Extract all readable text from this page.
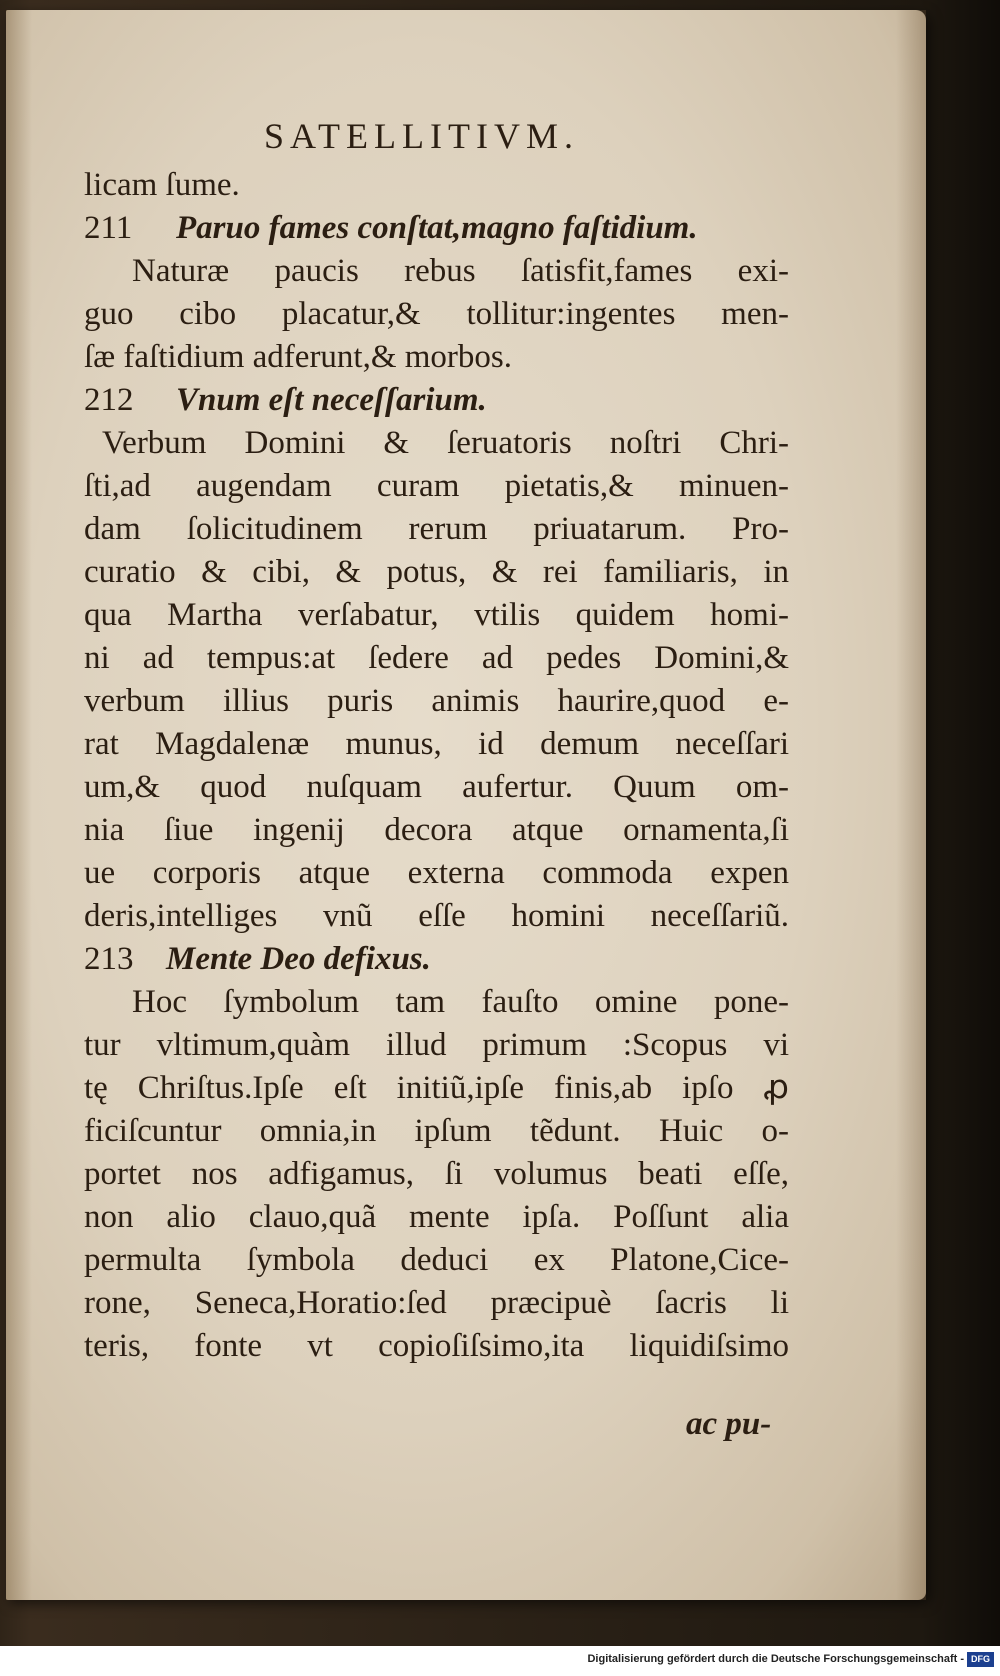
SATELLITIVM.
licam ſume.
211 Paruo fames conſtat,magno faſtidium.
Naturæ paucis rebus ſatisfit,fames exi-
guo cibo placatur,& tollitur:ingentes men-
ſæ faſtidium adferunt,& morbos.
212 Vnum eſt neceſſarium.
Verbum Domini & ſeruatoris noſtri Chri-
ſti,ad augendam curam pietatis,& minuen-
dam ſolicitudinem rerum priuatarum. Pro-
curatio & cibi, & potus, & rei familiaris, in
qua Martha verſabatur, vtilis quidem homi-
ni ad tempus:at ſedere ad pedes Domini,&
verbum illius puris animis haurire,quod e-
rat Magdalenæ munus, id demum neceſſari
um,& quod nuſquam aufertur. Quum om-
nia ſiue ingenij decora atque ornamenta,ſi
ue corporis atque externa commoda expen
deris,intelliges vnũ eſſe homini neceſſariũ.
213 Mente Deo defixus.
Hoc ſymbolum tam fauſto omine pone-
tur vltimum,quàm illud primum :Scopus vi
tę Chriſtus.Ipſe eſt initiũ,ipſe finis,ab ipſo ꝓ
ficiſcuntur omnia,in ipſum tẽdunt. Huic o-
portet nos adfigamus, ſi volumus beati eſſe,
non alio clauo,quã mente ipſa. Poſſunt alia
permulta ſymbola deduci ex Platone,Cice-
rone, Seneca,Horatio:ſed præcipuè ſacris li
teris, fonte vt copioſiſsimo,ita liquidiſsimo
ac pu-
Digitalisierung gefördert durch die Deutsche Forschungsgemeinschaft - DFG
